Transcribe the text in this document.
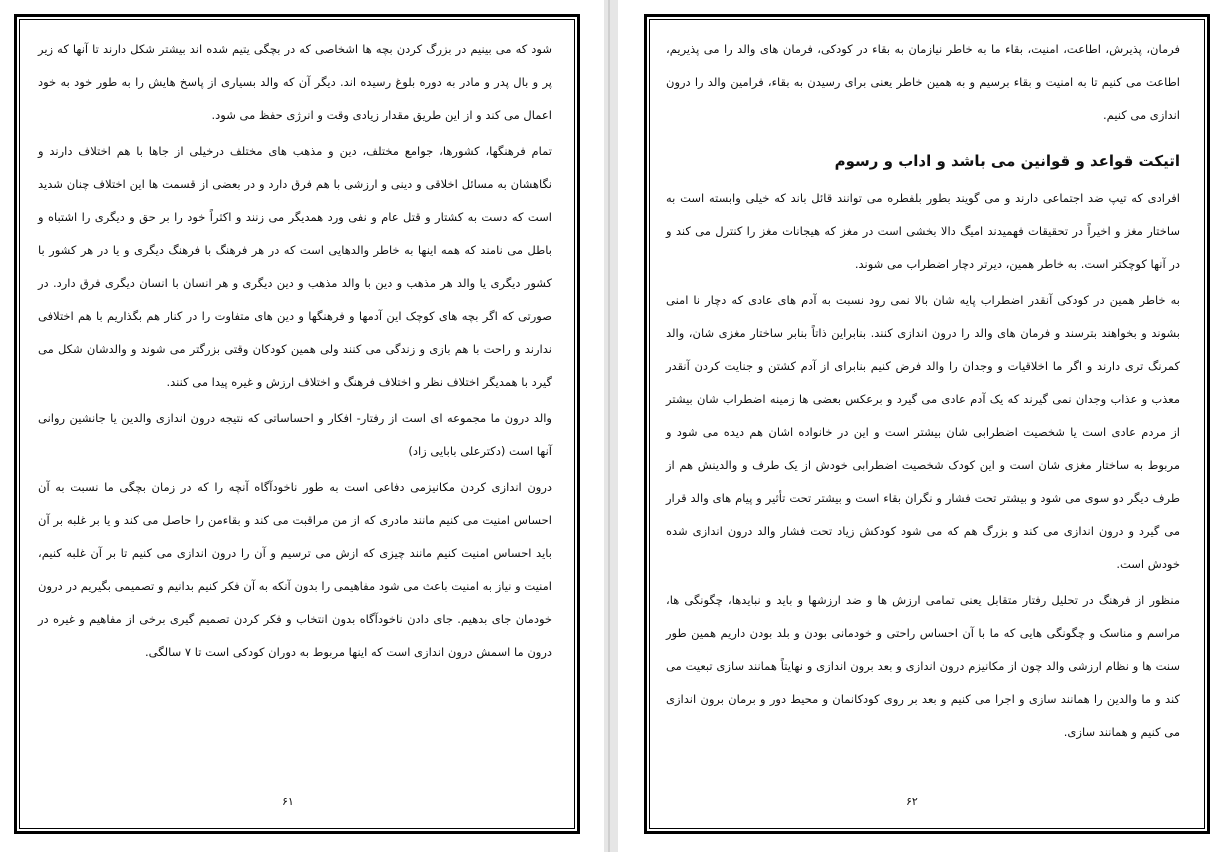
شود که می بینیم در بزرگ کردن بچه ها اشخاصی که در بچگی یتیم شده اند بیشتر شکل دارند تا آنها که زیر پر و بال پدر و مادر به دوره بلوغ رسیده اند. دیگر آن که والد بسیاری از پاسخ هایش را به طور خود به خود اعمال می کند و از این طریق مقدار زیادی وقت و انرژی حفظ می شود.

تمام فرهنگها، کشورها، جوامع مختلف، دین و مذهب های مختلف درخیلی از جاها با هم اختلاف دارند و نگاهشان به مسائل اخلاقی و دینی و ارزشی با هم فرق دارد و در بعضی از قسمت ها این اختلاف چنان شدید است که دست به کشتار و قتل عام و نفی ورد همدیگر می زنند و اکثراً خود را بر حق و دیگری را اشتباه و باطل می نامند که همه اینها به خاطر والدهایی است که در هر فرهنگ با فرهنگ دیگری و یا در هر کشور با کشور دیگری یا والد هر مذهب و دین با والد مذهب و دین دیگری و هر انسان با انسان دیگری فرق دارد. در صورتی که اگر بچه های کوچک این آدمها و فرهنگها و دین های متفاوت را در کنار هم بگذاریم با هم اختلافی ندارند و راحت با هم بازی و زندگی می کنند ولی همین کودکان وقتی بزرگتر می شوند و والدشان شکل می گیرد با همدیگر اختلاف نظر و اختلاف فرهنگ و اختلاف ارزش و غیره پیدا می کنند.

والد درون ما مجموعه ای است از رفتار- افکار و احساساتی که نتیجه درون اندازی والدین یا جانشین روانی آنها است (دکترعلی بابایی زاد)

درون اندازی کردن مکانیزمی دفاعی است به طور ناخودآگاه آنچه را که در زمان بچگی ما نسبت به آن احساس امنیت می کنیم مانند مادری که از من مراقبت می کند و بقاءمن را حاصل می کند و یا بر غلبه بر آن باید احساس امنیت کنیم مانند چیزی که ازش می ترسیم و آن را درون اندازی می کنیم تا بر آن غلبه کنیم، امنیت و نیاز به امنیت باعث می شود مفاهیمی را بدون آنکه به آن فکر کنیم بدانیم و تصمیمی بگیریم در درون خودمان جای بدهیم. جای دادن ناخودآگاه بدون انتخاب و فکر کردن تصمیم گیری برخی از مفاهیم و غیره در درون ما اسمش درون اندازی است که اینها مربوط به دوران کودکی است تا ۷ سالگی.

۶۱

فرمان، پذیرش، اطاعت، امنیت، بقاء ما به خاطر نیازمان به بقاء در کودکی، فرمان های والد را می پذیریم، اطاعت می کنیم تا به امنیت و بقاء برسیم و به همین خاطر یعنی برای رسیدن به بقاء، فرامین والد را درون اندازی می کنیم.

اتیکت قواعد و قوانین می باشد و اداب و رسوم

افرادی که تیپ ضد اجتماعی دارند و می گویند بطور بلفطره می توانند قائل باند که خیلی وابسته است به ساختار مغز و اخیراً در تحقیقات فهمیدند امیگ دالا بخشی است در مغز که هیجانات مغز را کنترل می کند و در آنها کوچکتر است. به خاطر همین، دیرتر دچار اضطراب می شوند.

به خاطر همین در کودکی آنقدر اضطراب پایه شان بالا نمی رود نسبت به آدم های عادی که دچار نا امنی بشوند و بخواهند بترسند و فرمان های والد را درون اندازی کنند. بنابراین ذاتاً بنابر ساختار مغزی شان، والد کمرنگ تری دارند و اگر ما اخلاقیات و وجدان را والد فرض کنیم بنابرای از آدم کشتن و جنایت کردن آنقدر معذب و عذاب وجدان نمی گیرند که یک آدم عادی می گیرد و برعکس بعضی ها زمینه اضطراب شان بیشتر از مردم عادی است یا شخصیت اضطرابی شان بیشتر است و این در خانواده اشان هم دیده می شود و مربوط به ساختار مغزی شان است و این کودک شخصیت اضطرابی خودش از یک طرف و والدینش هم از طرف دیگر دو سوی می شود و بیشتر تحت فشار و نگران بقاء است و بیشتر تحت تأثیر و پیام های والد قرار می گیرد و درون اندازی می کند و بزرگ هم که می شود کودکش زیاد تحت فشار والد درون اندازی شده خودش است.

منظور از فرهنگ در تحلیل رفتار متقابل یعنی تمامی ارزش ها و ضد ارزشها و باید و نبایدها، چگونگی ها، مراسم و مناسک و چگونگی هایی که ما با آن احساس راحتی و خودمانی بودن و بلد بودن داریم همین طور سنت ها و نظام ارزشی والد چون از مکانیزم درون اندازی و بعد برون اندازی و نهایتاً همانند سازی تبعیت می کند و ما والدین را همانند سازی و اجرا می کنیم و بعد بر روی کودکانمان و محیط دور و برمان برون اندازی می کنیم و همانند سازی.

۶۲
